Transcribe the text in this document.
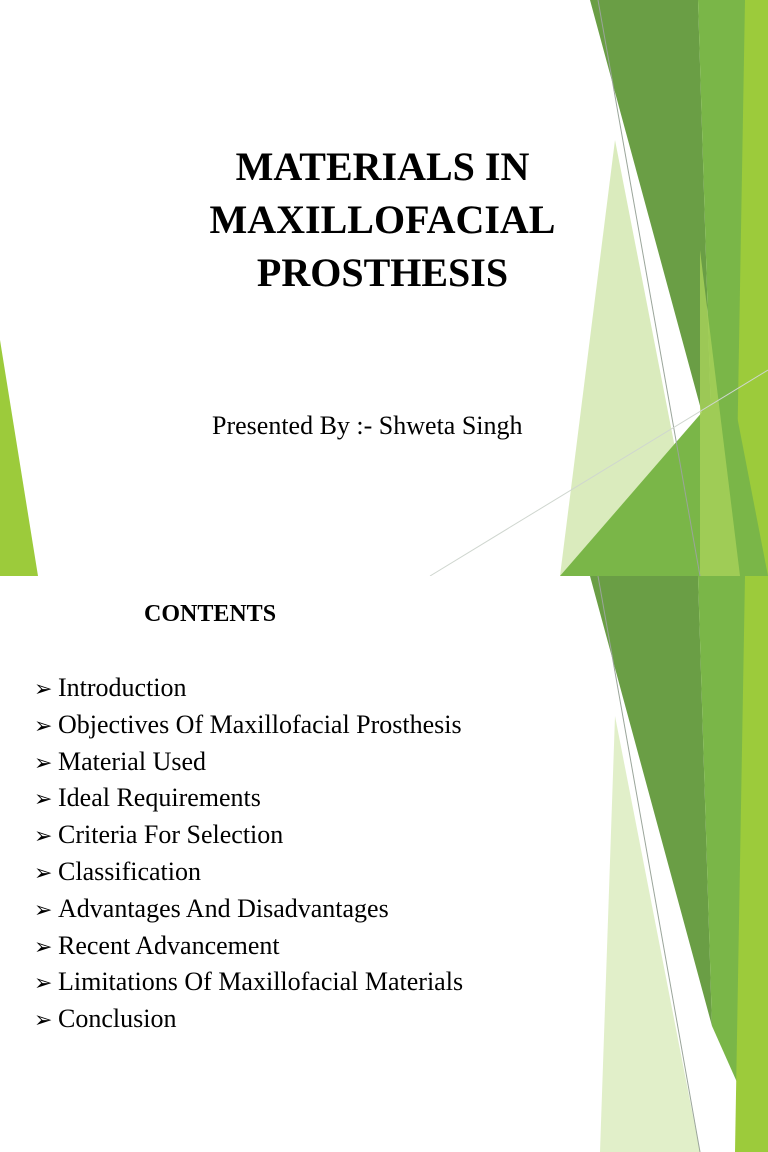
MATERIALS IN
MAXILLOFACIAL
PROSTHESIS

Presented By :- Shweta Singh

CONTENTS
➢ Introduction
➢ Objectives Of Maxillofacial Prosthesis
➢ Material Used
➢ Ideal Requirements
➢ Criteria For Selection
➢ Classification
➢ Advantages And Disadvantages
➢ Recent Advancement
➢ Limitations Of Maxillofacial Materials
➢ Conclusion
